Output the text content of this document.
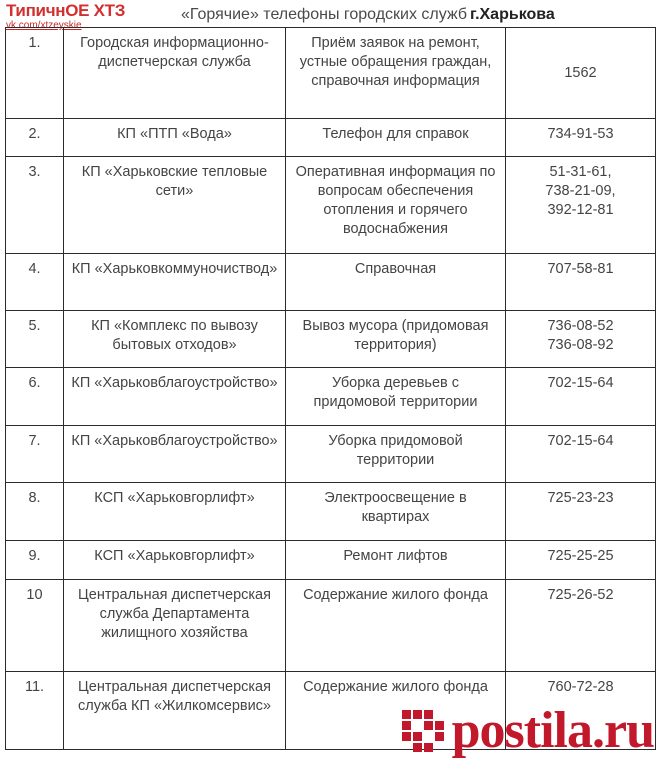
ТипичнОЕ ХТЗ
vk.com/xtzeyskie
«Горячие» телефоны городских служб г.Харькова
1.	Городская информационно-диспетчерская служба	Приём заявок на ремонт, устные обращения граждан, справочная информация	1562

2.	КП «ПТП «Вода»	Телефон для справок	734-91-53

3.	КП «Харьковские тепловые сети»	Оперативная информация по вопросам обеспечения отопления и горячего водоснабжения	51-31-61,
738-21-09,
392-12-81

4.	КП «Харьковкоммуночиствод»	Справочная	707-58-81

5.	КП «Комплекс по вывозу бытовых отходов»	Вывоз мусора (придомовая территория)	736-08-52
736-08-92

6.	КП «Харьковблагоустройство»	Уборка деревьев с придомовой территории	702-15-64

7.	КП «Харьковблагоустройство»	Уборка придомовой территории	702-15-64

8.	КСП «Харьковгорлифт»	Электроосвещение в квартирах	725-23-23

9.	КСП «Харьковгорлифт»	Ремонт лифтов	725-25-25

10	Центральная диспетчерская служба Департамента жилищного хозяйства	Содержание жилого фонда	725-26-52

11.	Центральная диспетчерская служба КП «Жилкомсервис»	Содержание жилого фонда	760-72-28
postila.ru
